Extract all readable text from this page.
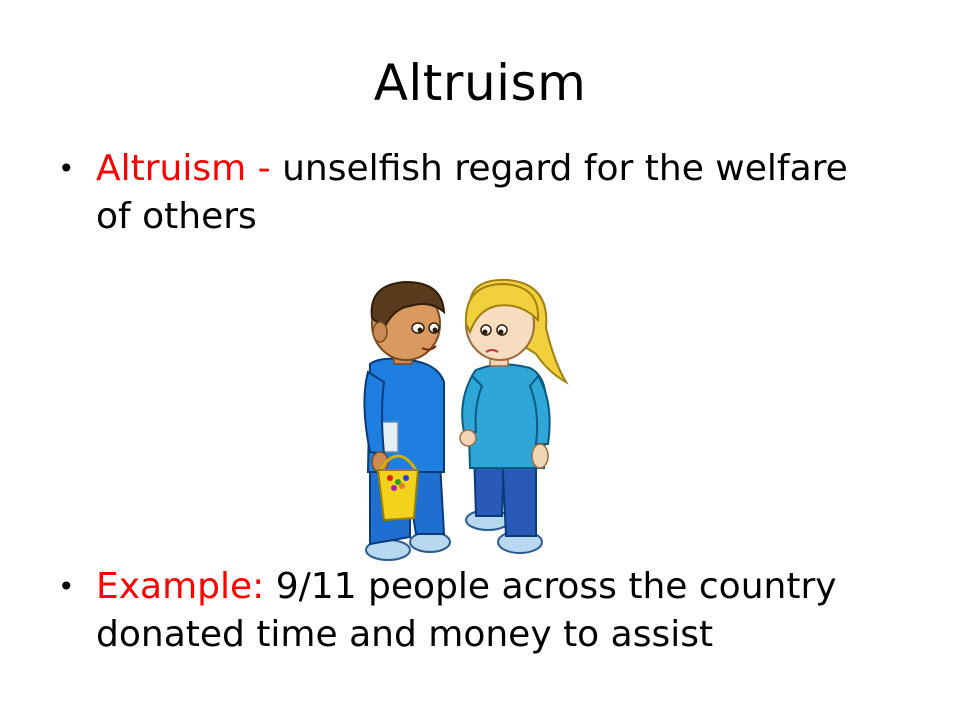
Altruism
• Altruism - unselfish regard for the welfare of others
• Example: 9/11 people across the country donated time and money to assist
